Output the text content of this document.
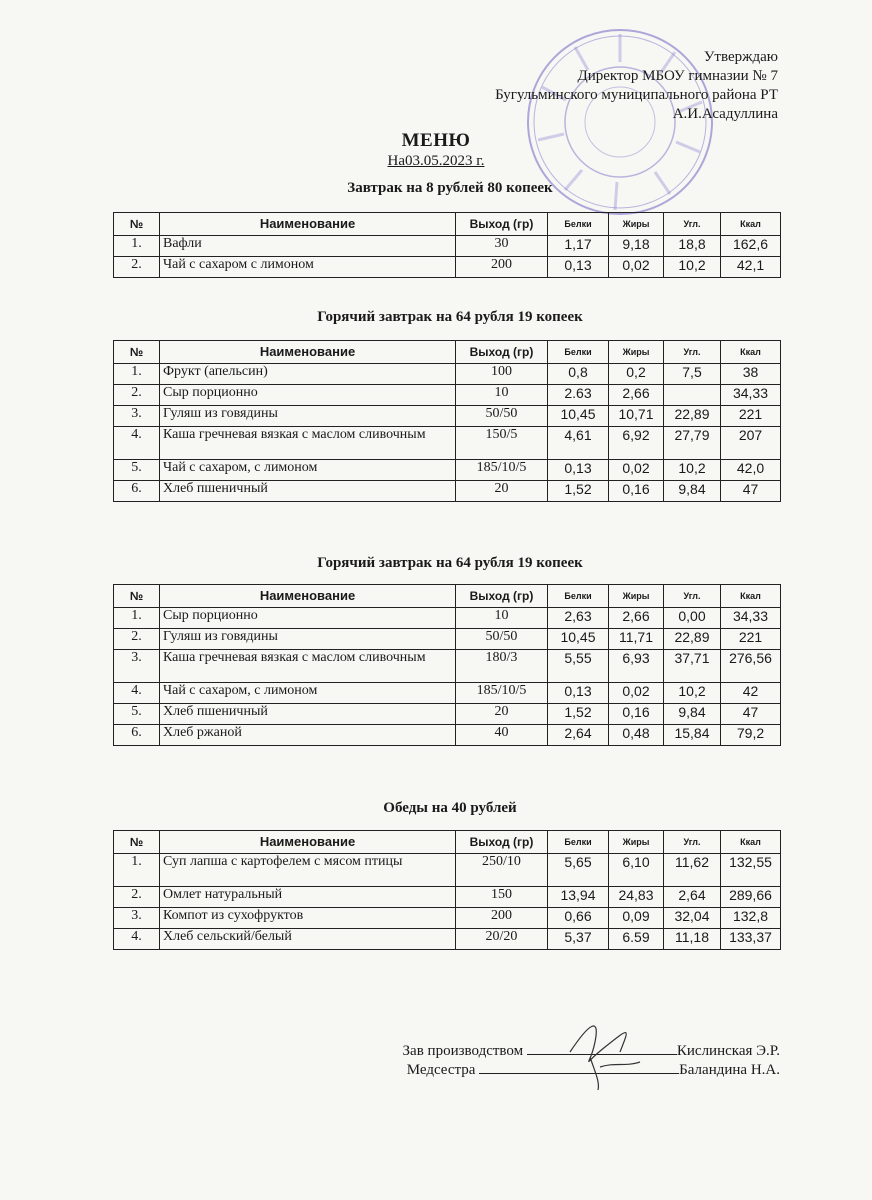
Утверждаю
Директор МБОУ гимназии № 7
Бугульминского муниципального района РТ
А.И.Асадуллина
МЕНЮ
На03.05.2023 г.
Завтрак на 8 рублей 80 копеек
№	Наименование	Выход (гр)	Белки	Жиры	Угл.	Ккал
1.	Вафли	30	1,17	9,18	18,8	162,6
2.	Чай с сахаром с лимоном	200	0,13	0,02	10,2	42,1
Горячий завтрак на 64 рубля 19 копеек
№	Наименование	Выход (гр)	Белки	Жиры	Угл.	Ккал
1.	Фрукт (апельсин)	100	0,8	0,2	7,5	38
2.	Сыр порционно	10	2.63	2,66		34,33
3.	Гуляш из говядины	50/50	10,45	10,71	22,89	221
4.	Каша гречневая вязкая с маслом сливочным	150/5	4,61	6,92	27,79	207
5.	Чай с сахаром, с лимоном	185/10/5	0,13	0,02	10,2	42,0
6.	Хлеб пшеничный	20	1,52	0,16	9,84	47
Горячий завтрак на 64 рубля 19 копеек
№	Наименование	Выход (гр)	Белки	Жиры	Угл.	Ккал
1.	Сыр порционно	10	2,63	2,66	0,00	34,33
2.	Гуляш из говядины	50/50	10,45	11,71	22,89	221
3.	Каша гречневая вязкая с маслом сливочным	180/3	5,55	6,93	37,71	276,56
4.	Чай с сахаром, с лимоном	185/10/5	0,13	0,02	10,2	42
5.	Хлеб пшеничный	20	1,52	0,16	9,84	47
6.	Хлеб ржаной	40	2,64	0,48	15,84	79,2
Обеды на 40 рублей
№	Наименование	Выход (гр)	Белки	Жиры	Угл.	Ккал
1.	Суп лапша с картофелем с мясом птицы	250/10	5,65	6,10	11,62	132,55
2.	Омлет натуральный	150	13,94	24,83	2,64	289,66
3.	Компот из сухофруктов	200	0,66	0,09	32,04	132,8
4.	Хлеб сельский/белый	20/20	5,37	6.59	11,18	133,37
Зав производством	Кислинская Э.Р.
Медсестра	Баландина Н.А.
